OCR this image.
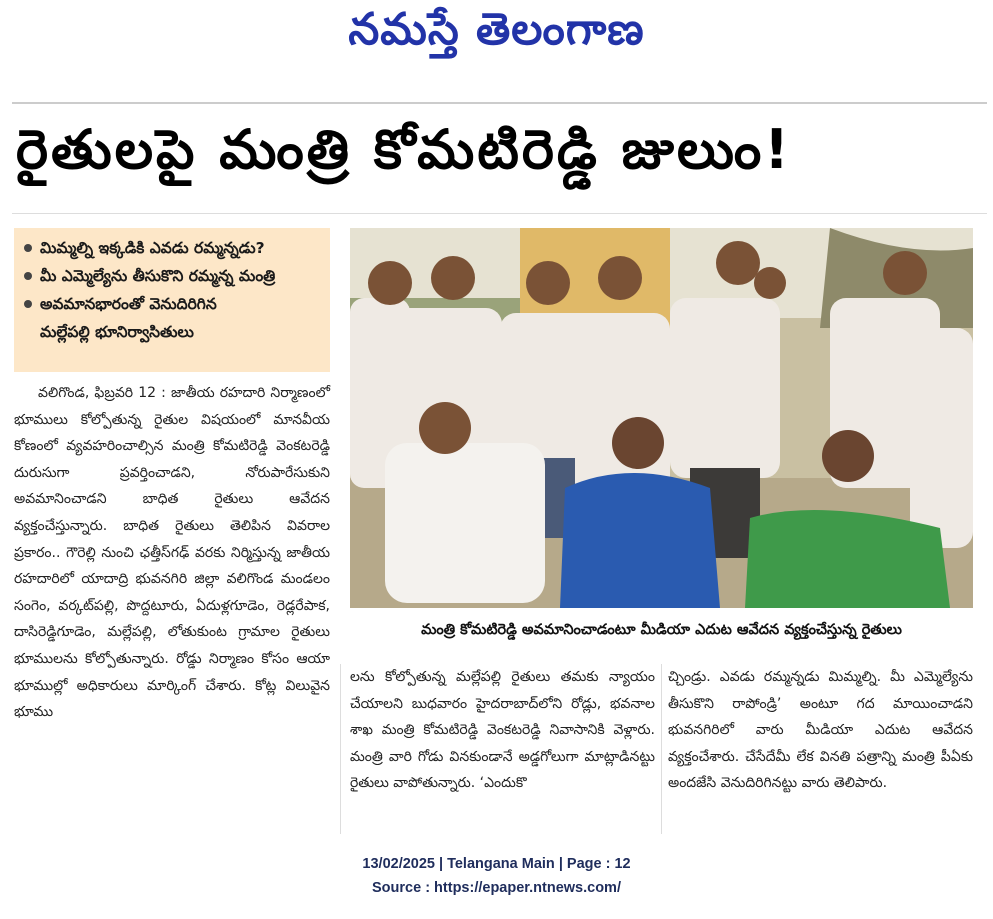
నమస్తే తెలంగాణ
రైతులపై మంత్రి కోమటిరెడ్డి జులుం!
మిమ్మల్ని ఇక్కడికి ఎవడు రమ్మన్నడు?
మీ ఎమ్మెల్యేను తీసుకొని రమ్మన్న మంత్రి
అవమానభారంతో వెనుదిరిగిన
మల్లేపల్లి భూనిర్వాసితులు
మంత్రి కోమటిరెడ్డి అవమానించాడంటూ మీడియా ఎదుట ఆవేదన వ్యక్తంచేస్తున్న రైతులు
వలిగొండ, ఫిబ్రవరి 12 : జాతీయ రహదారి నిర్మాణంలో భూములు కోల్పోతున్న రైతుల విషయంలో మానవీయ కోణంలో వ్యవహరించాల్సిన మంత్రి కోమటిరెడ్డి వెంకటరెడ్డి దురుసుగా ప్రవర్తించాడని, నోరుపారేసుకుని అవమానించాడని బాధిత రైతులు ఆవేదన వ్యక్తంచేస్తున్నారు. బాధిత రైతులు తెలిపిన వివరాల ప్రకారం.. గౌరెల్లి నుంచి ఛత్తీస్‌గఢ్ వరకు నిర్మిస్తున్న జాతీయ రహదారిలో యాదాద్రి భువనగిరి జిల్లా వలిగొండ మండలం సంగెం, వర్కట్‌పల్లి, పొద్దటూరు, ఏదుళ్లగూడెం, రెడ్లరేపాక, దాసిరెడ్డిగూడెం, మల్లేపల్లి, లోతుకుంట గ్రామాల రైతులు భూములను కోల్పోతున్నారు. రోడ్డు నిర్మాణం కోసం ఆయా భూముల్లో అధికారులు మార్కింగ్ చేశారు. కోట్ల విలువైన భూము
లను కోల్పోతున్న మల్లేపల్లి రైతులు తమకు న్యాయం చేయాలని బుధవారం హైదరాబాద్‌లోని రోడ్లు, భవనాల శాఖ మంత్రి కోమటిరెడ్డి వెంకటరెడ్డి నివాసానికి వెళ్లారు. మంత్రి వారి గోడు వినకుండానే అడ్డగోలుగా మాట్లాడినట్టు రైతులు వాపోతున్నారు. ‘ఎందుకొ
చ్చిండ్రు. ఎవడు రమ్మన్నడు మిమ్మల్ని. మీ ఎమ్మెల్యేను తీసుకొని రాపోండ్రి’ అంటూ గద మాయించాడని భువనగిరిలో వారు మీడియా ఎదుట ఆవేదన వ్యక్తంచేశారు. చేసేదేమీ లేక వినతి పత్రాన్ని మంత్రి పీఏకు అందజేసి వెనుదిరిగినట్టు వారు తెలిపారు.
13/02/2025 | Telangana Main | Page : 12
Source : https://epaper.ntnews.com/
